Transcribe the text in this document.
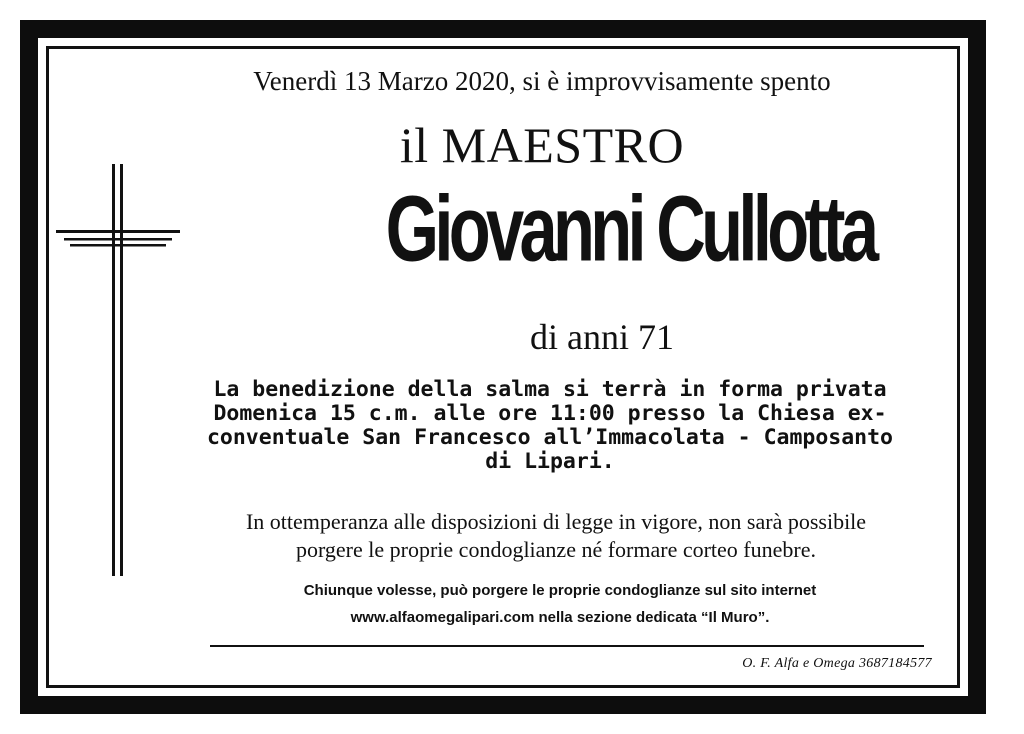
Venerdì 13 Marzo 2020, si è improvvisamente spento
il MAESTRO
Giovanni Cullotta
di anni 71
La benedizione della salma si terrà in forma privata
Domenica 15 c.m. alle ore 11:00 presso la Chiesa ex-
conventuale San Francesco all’Immacolata - Camposanto
di Lipari.
In ottemperanza alle disposizioni di legge in vigore, non sarà possibile
porgere le proprie condoglianze né formare corteo funebre.
Chiunque volesse, può porgere le proprie condoglianze sul sito internet
www.alfaomegalipari.com nella sezione dedicata “Il Muro”.
O. F. Alfa e Omega 3687184577
